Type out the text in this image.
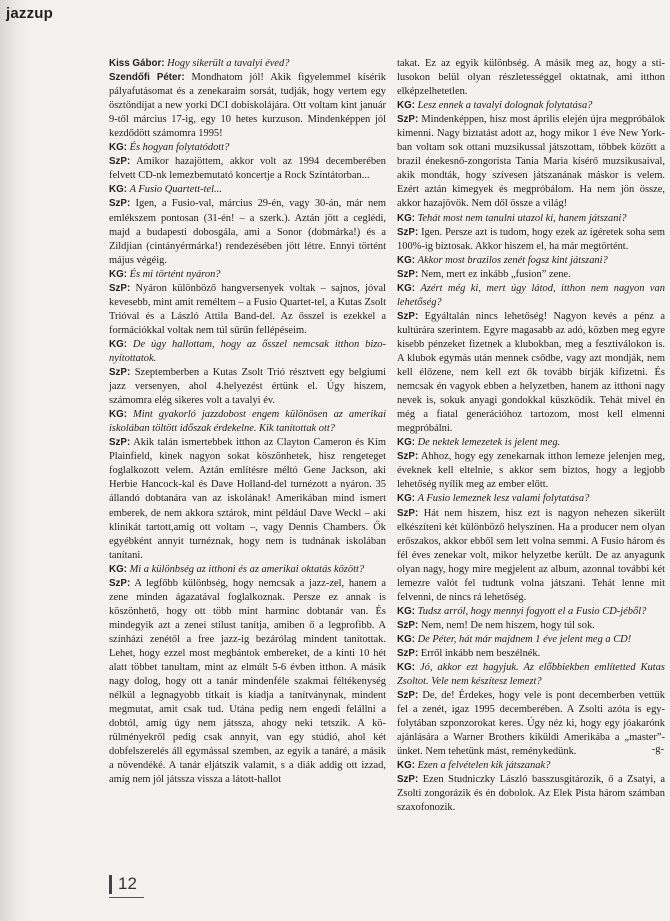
jazzup

Kiss Gábor: Hogy sikerült a tavalyi éved?

Szendőfi Péter: Mondhatom jól! Akik figyelemmel kísérik pályafutásomat és a zenekaraim sorsát, tudják, hogy vertem egy ösztöndíjat a new yorki DCI dobiskolájára. Ott voltam kint január 9-től március 17-ig, egy 10 hetes kurzuson. Mindenképpen jól kezdődött számomra 1995!

KG: És hogyan folytatódott?

SzP: Amikor hazajöttem, akkor volt az 1994 decemberében felvett CD-nk lemezbemutató koncertje a Rock Színtátorban...

KG: A Fusio Quartett-tel...

SzP: Igen, a Fusio-val, március 29-én, vagy 30-án, már nem emlékszem pontosan (31-én! – a szerk.). Aztán jött a ceglédi, majd a budapesti dobosgála, ami a Sonor (dobmárka!) és a Zildjian (cintányérmárka!) rendezésében jött létre. Ennyi történt május végéig.

KG: És mi történt nyáron?

SzP: Nyáron különböző hangversenyek voltak – sajnos, jóval kevesebb, mint amit reméltem – a Fusio Quartet-tel, a Kutas Zsolt Trióval és a László Attila Band-del. Az ősszel is ezekkel a formációkkal voltak nem túl sűrűn fellépéseim.

KG: De úgy hallottam, hogy az ősszel nemcsak itthon bizonyítottatok.

SzP: Szeptemberben a Kutas Zsolt Trió résztvett egy belgiumi jazz versenyen, ahol 4.helyezést értünk el. Úgy hiszem, számomra elég sikeres volt a tavalyi év.

KG: Mint gyakorló jazzdobost engem különösen az amerikai iskolában töltött időszak érdekelne. Kik tanítottak ott?

SzP: Akik talán ismertebbek itthon az Clayton Cameron és Kim Plainfield, kinek nagyon sokat köszönhetek, hisz rengeteget foglalkozott velem. Aztán említésre méltó Gene Jackson, aki Herbie Hancock-kal és Dave Holland-del turnézott a nyáron. 35 állandó dobtanára van az iskolának! Amerikában mind ismert emberek, de nem akkora sztárok, mint például Dave Weckl – aki klinikát tartott,amig ott voltam –, vagy Dennis Chambers. Ők egyébként annyit turnéznak, hogy nem is tudnának iskolában tanítani.

KG: Mi a különbség az itthoni és az amerikai oktatás között?

SzP: A legfőbb különbség, hogy nemcsak a jazz-zel, hanem a zene minden ágazatával foglalkoznak. Persze ez annak is köszönhető, hogy ott több mint harminc dobtanár van. És mindegyik azt a zenei stílust tanítja, amiben ő a legprofibb. A színházi zenétől a free jazz-ig bezárólag mindent tanítottak. Lehet, hogy ezzel most megbántok embereket, de a kinti 10 hét alatt többet tanultam, mint az elmúlt 5-6 évben itthon. A másik nagy dolog, hogy ott a tanár mindenféle szakmai féltékenység nélkül a legnagyobb titkait is kiadja a tanítványnak, mindent megmutat, amit csak tud. Utána pedig nem engedi felállni a dobtól, amíg úgy nem játssza, ahogy neki tetszik. A körülményekről pedig csak annyit, van egy stúdió, ahol két dobfelszerelés áll egymással szemben, az egyik a tanáré, a másik a növendéké. A tanár eljátszik valamit, s a diák addig ott izzad, amíg nem jól játssza vissza a látott-hallot

takat. Ez az egyik különbség. A másik meg az, hogy a stilusokon belül olyan részletességgel oktatnak, ami itthon elképzelhetetlen.

KG: Lesz ennek a tavalyi dolognak folytatása?

SzP: Mindenképpen, hisz most április elején újra megpróbálok kimenni. Nagy biztatást adott az, hogy mikor 1 éve New York-ban voltam sok ottani muzsikussal játszottam, többek között a brazil énekesnő-zongorista Tania Maria kísérő muzsikusaival, akik mondták, hogy szívesen játszanának máskor is velem. Ezért aztán kimegyek és megpróbálom. Ha nem jön össze, akkor hazajövök. Nem dől össze a világ!

KG: Tehát most nem tanulni utazol ki, hanem játszani?

SzP: Igen. Persze azt is tudom, hogy ezek az ígéretek soha sem 100%-ig biztosak. Akkor hiszem el, ha már megtörtént.

KG: Akkor most brazilos zenét fogsz kint játszani?

SzP: Nem, mert ez inkább „fusion” zene.

KG: Azért még ki, mert úgy látod, itthon nem nagyon van lehetőség?

SzP: Egyáltalán nincs lehetőség! Nagyon kevés a pénz a kultúrára szerintem. Egyre magasabb az adó, közben meg egyre kisebb pénzeket fizetnek a klubokban, meg a fesztiválokon is. A klubok egymás után mennek csődbe, vagy azt mondják, nem kell élőzene, nem kell ezt ők tovább bírják kifizetni. És nemcsak én vagyok ebben a helyzetben, hanem az itthoni nagy nevek is, sokuk anyagi gondokkal küszködik. Tehát mivel én még a fiatal generációhoz tartozom, most kell elmenni megpróbálni.

KG: De nektek lemezetek is jelent meg.

SzP: Ahhoz, hogy egy zenekarnak itthon lemeze jelenjen meg, éveknek kell eltelnie, s akkor sem biztos, hogy a legjobb lehetőség nyílik meg az ember előtt.

KG: A Fusio lemeznek lesz valami folytatása?

SzP: Hát nem hiszem, hisz ezt is nagyon nehezen sikerült elkészíteni két különböző helyszínen. Ha a producer nem olyan erőszakos, akkor ebből sem lett volna semmi. A Fusio három és fél éves zenekar volt, mikor helyzetbe került. De az anyagunk olyan nagy, hogy mire megjelent az album, azonnal további két lemezre valót fel tudtunk volna játszani. Tehát lenne mit felvenni, de nincs rá lehetőség.

KG: Tudsz arról, hogy mennyi fogyott el a Fusio CD-jéből?

SzP: Nem, nem! De nem hiszem, hogy túl sok.

KG: De Péter, hát már majdnem 1 éve jelent meg a CD!

SzP: Erről inkább nem beszélnék.

KG: Jó, akkor ezt hagyjuk. Az előbbiekben említetted Kutas Zsoltot. Vele nem készítesz lemezt?

SzP: De, de! Érdekes, hogy vele is pont decemberben vettük fel a zenét, igaz 1995 decemberében. A Zsolti azóta is egyfolytában szponzorokat keres. Úgy néz ki, hogy egy jóakarónk ajánlására a Warner Brothers kiküldi Amerikába a „master”-ünket. Nem tehetünk mást, reménykedünk.

KG: Ezen a felvételen kik játszanak?

SzP: Ezen Studniczky László basszusgitározik, ő a Zsatyi, a Zsolti zongorázik és én dobolok. Az Elek Pista három számban szaxofonozik.

-g-
12
